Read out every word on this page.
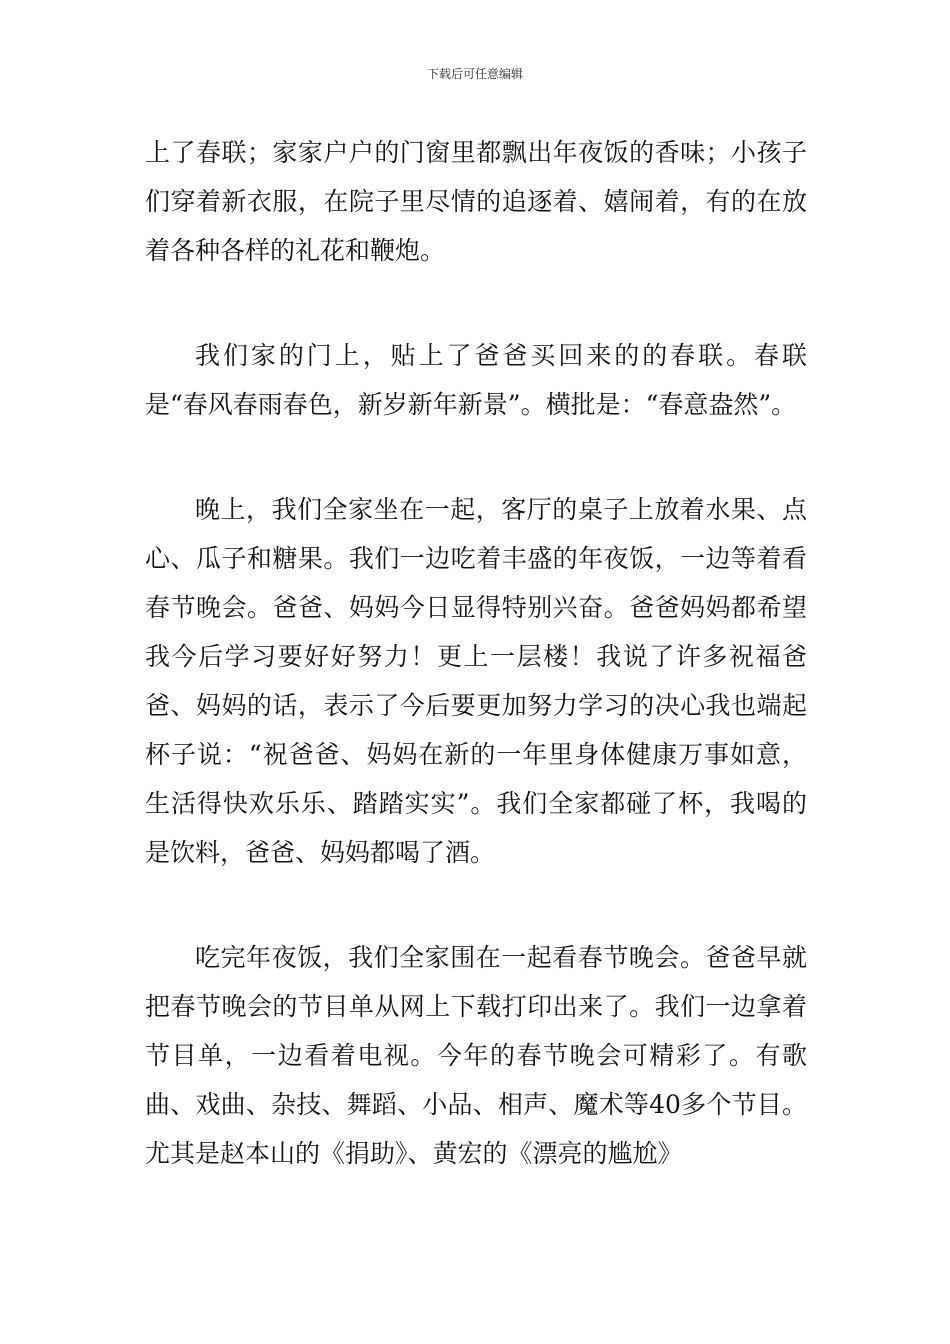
下载后可任意编辑

上了春联；家家户户的门窗里都飘出年夜饭的香味；小孩子们穿着新衣服，在院子里尽情的追逐着、嬉闹着，有的在放着各种各样的礼花和鞭炮。

我们家的门上，贴上了爸爸买回来的的春联。春联是“春风春雨春色，新岁新年新景”。横批是：“春意盎然”。

晚上，我们全家坐在一起，客厅的桌子上放着水果、点心、瓜子和糖果。我们一边吃着丰盛的年夜饭，一边等着看春节晚会。爸爸、妈妈今日显得特别兴奋。爸爸妈妈都希望我今后学习要好好努力！更上一层楼！我说了许多祝福爸爸、妈妈的话，表示了今后要更加努力学习的决心我也端起杯子说：“祝爸爸、妈妈在新的一年里身体健康万事如意，生活得快欢乐乐、踏踏实实”。我们全家都碰了杯，我喝的是饮料，爸爸、妈妈都喝了酒。

吃完年夜饭，我们全家围在一起看春节晚会。爸爸早就把春节晚会的节目单从网上下载打印出来了。我们一边拿着节目单，一边看着电视。今年的春节晚会可精彩了。有歌曲、戏曲、杂技、舞蹈、小品、相声、魔术等40多个节目。尤其是赵本山的《捐助》、黄宏的《漂亮的尴尬》
